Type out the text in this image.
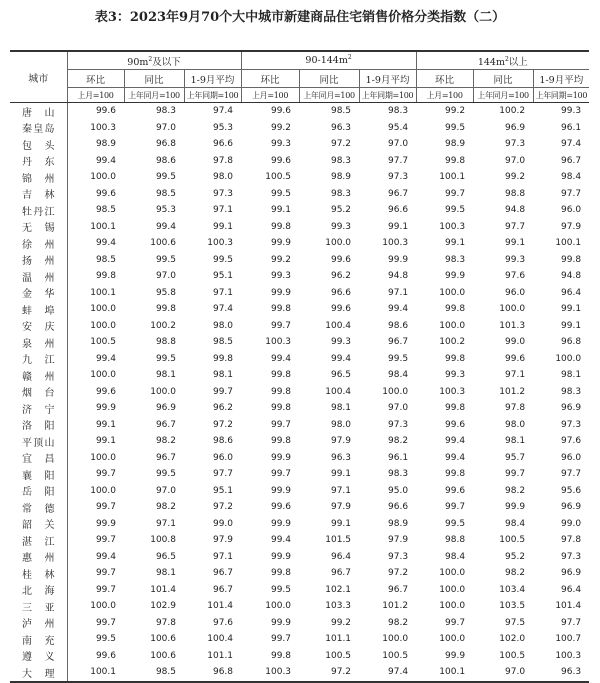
表3：2023年9月70个大中城市新建商品住宅销售价格分类指数（二）
城市	$90m^2$及以下			$90-144m^2$			$144m^2$以上		
	环比	同比	1-9月平均	环比	同比	1-9月平均	环比	同比	1-9月平均
	上月=100	上年同月=100	上年同期=100	上月=100	上年同月=100	上年同期=100	上月=100	上年同月=100	上年同期=100
唐山	99.6	98.3	97.4	99.6	98.5	98.3	99.2	100.2	99.3
秦皇岛	100.3	97.0	95.3	99.2	96.3	95.4	99.5	96.9	96.1
包头	98.9	96.8	96.6	99.3	97.2	97.0	98.9	97.3	97.4
丹东	99.4	98.6	97.8	99.6	98.3	97.7	99.8	97.0	96.7
锦州	100.0	99.5	98.0	100.5	98.9	97.3	100.1	99.2	98.4
吉林	99.6	98.5	97.3	99.5	98.3	96.7	99.7	98.8	97.7
牡丹江	98.5	95.3	97.1	99.1	95.2	96.6	99.5	94.8	96.0
无锡	100.1	99.4	99.1	99.8	99.3	99.1	100.3	97.7	97.9
徐州	99.4	100.6	100.3	99.9	100.0	100.3	99.1	99.1	100.1
扬州	98.5	99.5	99.5	99.2	99.6	99.9	98.3	99.3	99.8
温州	99.8	97.0	95.1	99.3	96.2	94.8	99.9	97.6	94.8
金华	100.1	95.8	97.1	99.9	96.6	97.1	100.0	96.0	96.4
蚌埠	100.0	99.8	97.4	99.8	99.6	99.4	99.8	100.0	99.1
安庆	100.0	100.2	98.0	99.7	100.4	98.6	100.0	101.3	99.1
泉州	100.5	98.8	98.5	100.3	99.3	96.7	100.2	99.0	96.8
九江	99.4	99.5	99.8	99.4	99.4	99.5	99.8	99.6	100.0
赣州	100.0	98.1	98.1	99.8	96.5	98.4	99.3	97.1	98.1
烟台	99.6	100.0	99.7	99.8	100.4	100.0	100.3	101.2	98.3
济宁	99.9	96.9	96.2	99.8	98.1	97.0	99.8	97.8	96.9
洛阳	99.1	96.7	97.2	99.7	98.0	97.3	99.6	98.0	97.3
平顶山	99.1	98.2	98.6	99.8	97.9	98.2	99.4	98.1	97.6
宜昌	100.0	96.7	96.0	99.9	96.3	96.1	99.4	95.7	96.0
襄阳	99.7	99.5	97.7	99.7	99.1	98.3	99.8	99.7	97.7
岳阳	100.0	97.0	95.1	99.9	97.1	95.0	99.6	98.2	95.6
常德	99.7	98.2	97.2	99.6	97.9	96.6	99.7	99.9	96.9
韶关	99.9	97.1	99.0	99.9	99.1	98.9	99.5	98.4	99.0
湛江	99.7	100.8	97.9	99.4	101.5	97.9	98.8	100.5	97.8
惠州	99.4	96.5	97.1	99.9	96.4	97.3	98.4	95.2	97.3
桂林	99.7	98.1	96.7	99.8	96.7	97.2	100.0	98.2	96.9
北海	99.7	101.4	96.7	99.5	102.1	96.7	100.0	103.4	96.4
三亚	100.0	102.9	101.4	100.0	103.3	101.2	100.0	103.5	101.4
泸州	99.7	97.8	97.6	99.9	99.2	98.2	99.7	97.5	97.7
南充	99.5	100.6	100.4	99.7	101.1	100.0	100.0	102.0	100.7
遵义	99.6	100.6	101.1	99.8	100.5	100.5	99.9	100.5	100.3
大理	100.1	98.5	96.8	100.3	97.2	97.4	100.1	97.0	96.3
